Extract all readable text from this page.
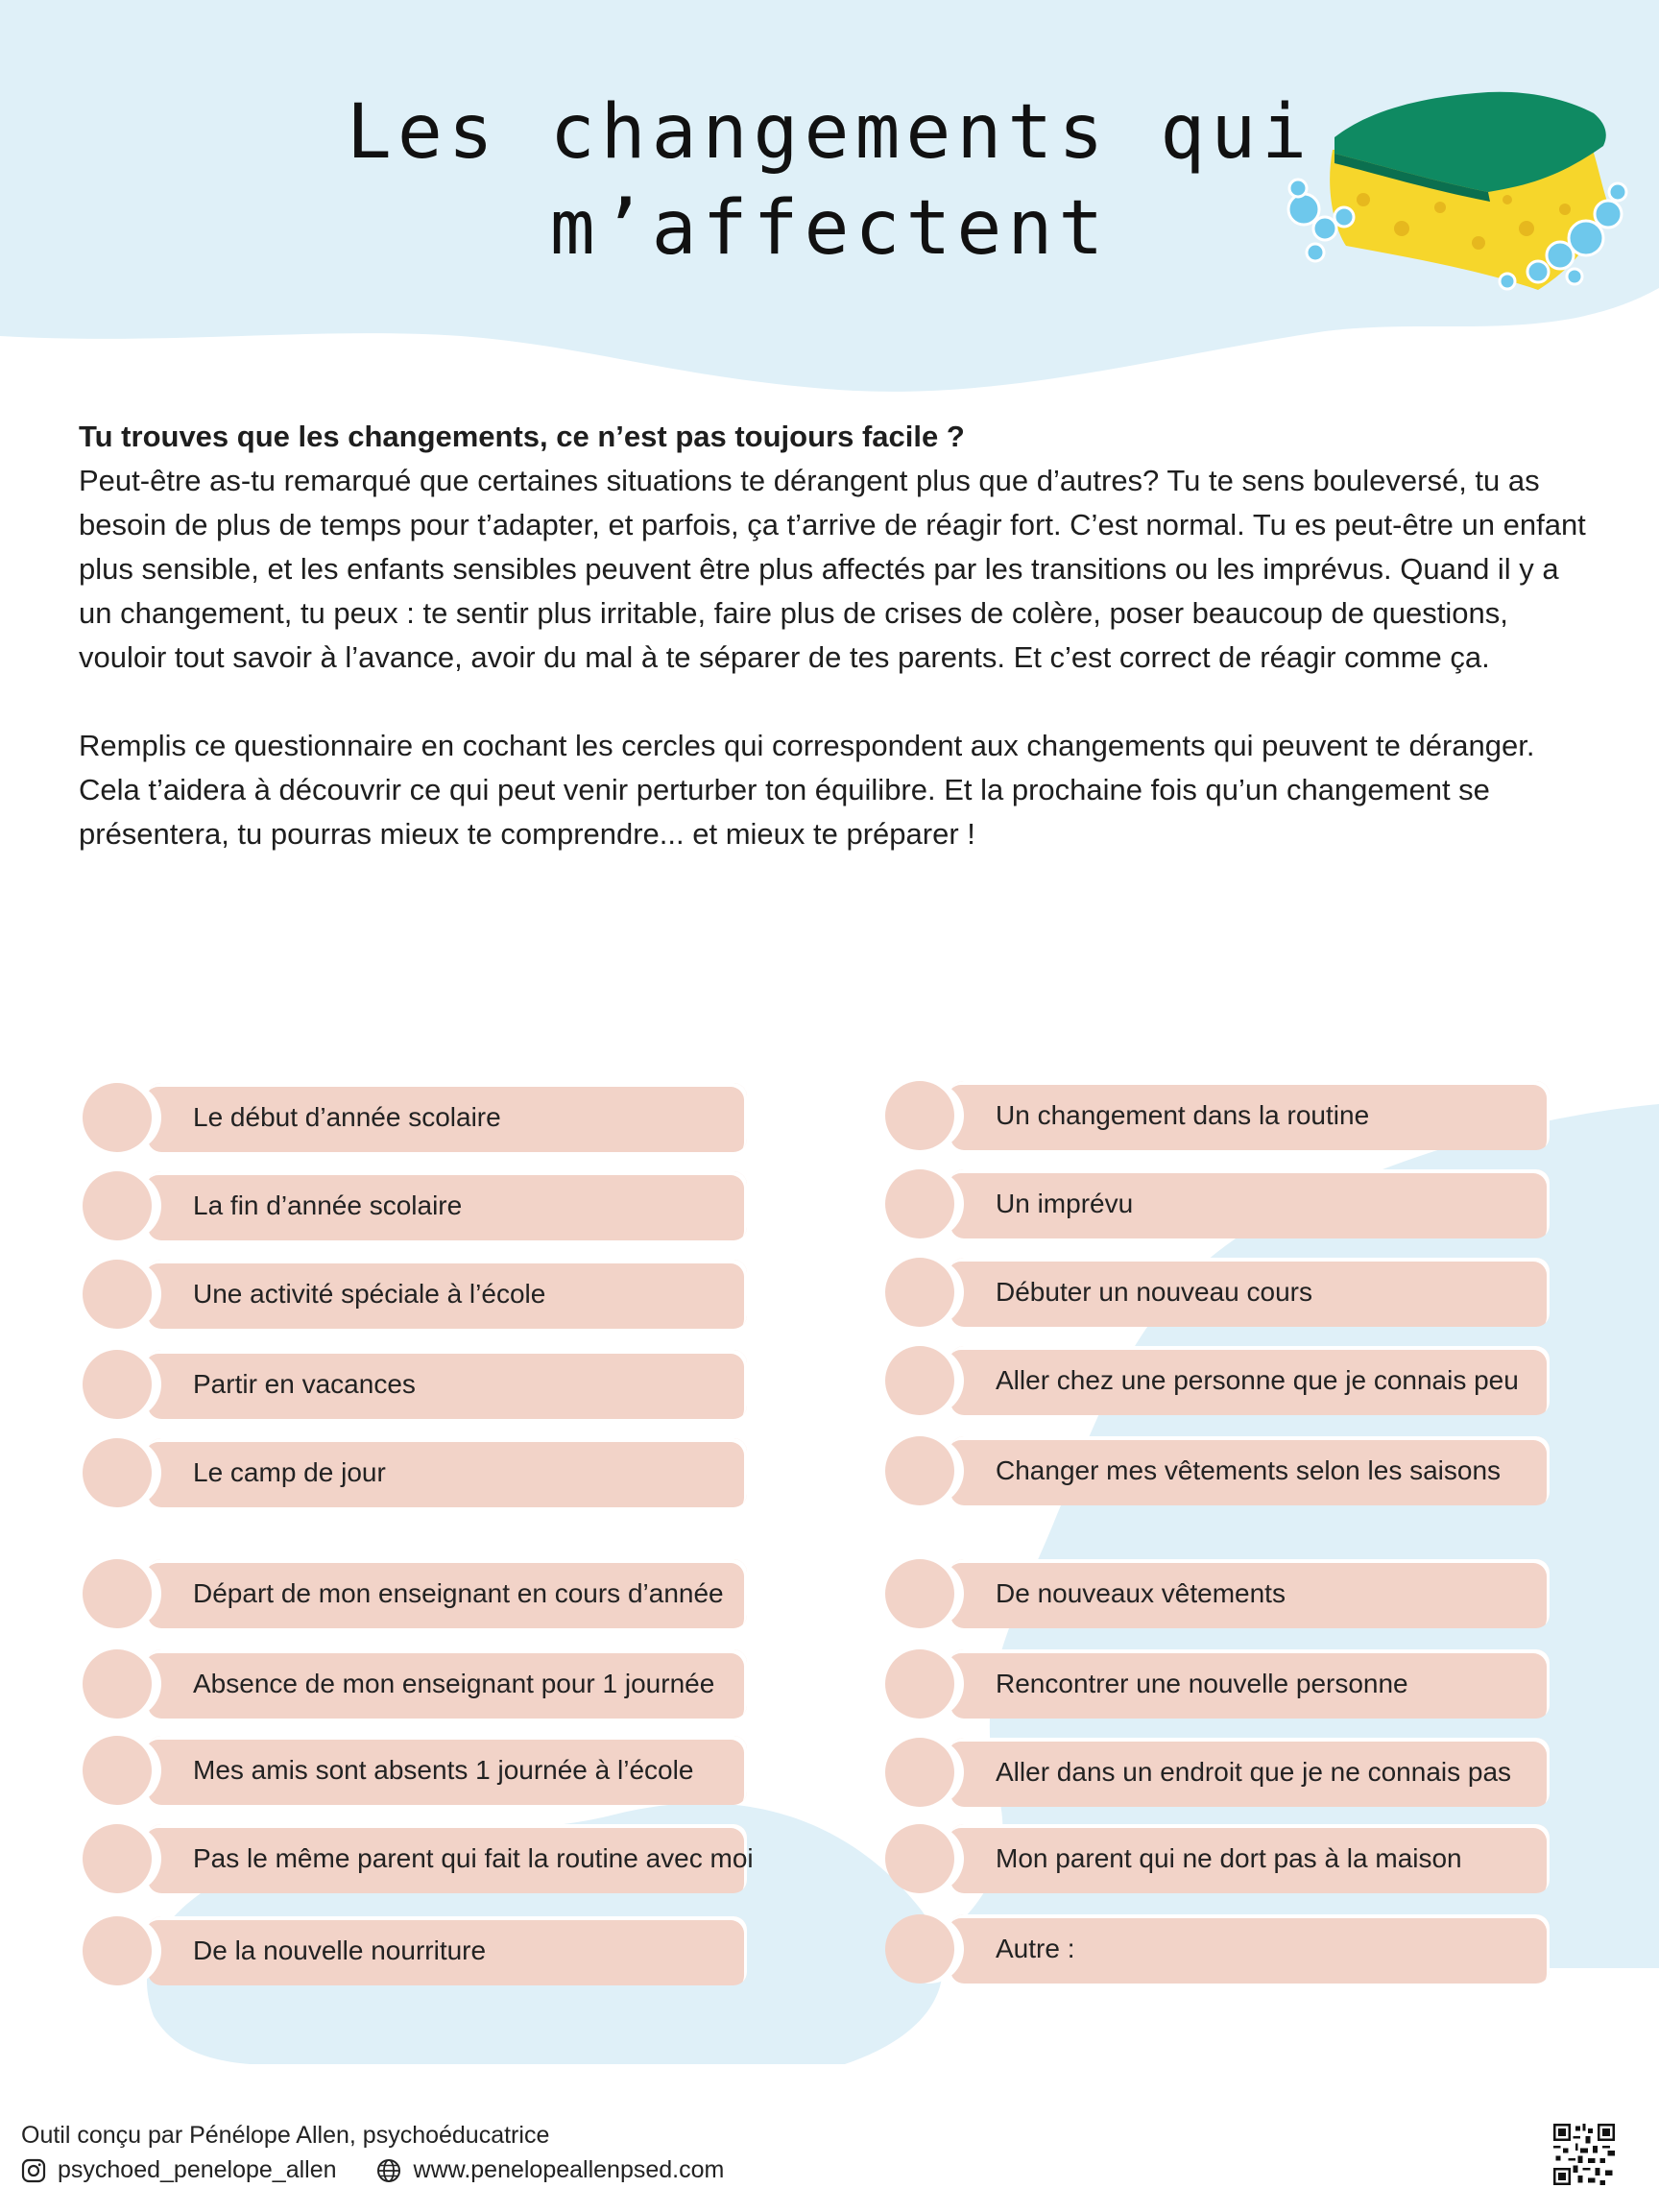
Les changements qui
m’affectent

Tu trouves que les changements, ce n’est pas toujours facile ?

Peut-être as-tu remarqué que certaines situations te dérangent plus que d’autres? Tu te sens bouleversé, tu as besoin de plus de temps pour t’adapter, et parfois, ça t’arrive de réagir fort. C’est normal. Tu es peut-être un enfant plus sensible, et les enfants sensibles peuvent être plus affectés par les transitions ou les imprévus. Quand il y a un changement, tu peux : te sentir plus irritable, faire plus de crises de colère, poser beaucoup de questions, vouloir tout savoir à l’avance, avoir du mal à te séparer de tes parents. Et c’est correct de réagir comme ça.

Remplis ce questionnaire en cochant les cercles qui correspondent aux changements qui peuvent te déranger. Cela t’aidera à découvrir ce qui peut venir perturber ton équilibre. Et la prochaine fois qu’un changement se présentera, tu pourras mieux te comprendre... et mieux te préparer !

Le début d’année scolaire
La fin d’année scolaire
Une activité spéciale à l’école
Partir en vacances
Le camp de jour
Départ de mon enseignant en cours d’année
Absence de mon enseignant pour 1 journée
Mes amis sont absents 1 journée à l’école
Pas le même parent qui fait la routine avec moi
De la nouvelle nourriture
Un changement dans la routine
Un imprévu
Débuter un nouveau cours
Aller chez une personne que je connais peu
Changer mes vêtements selon les saisons
De nouveaux vêtements
Rencontrer une nouvelle personne
Aller dans un endroit que je ne connais pas
Mon parent qui ne dort pas à la maison
Autre :
Outil conçu par Pénélope Allen, psychoéducatrice
psychoed_penelope_allen	www.penelopeallenpsed.com
